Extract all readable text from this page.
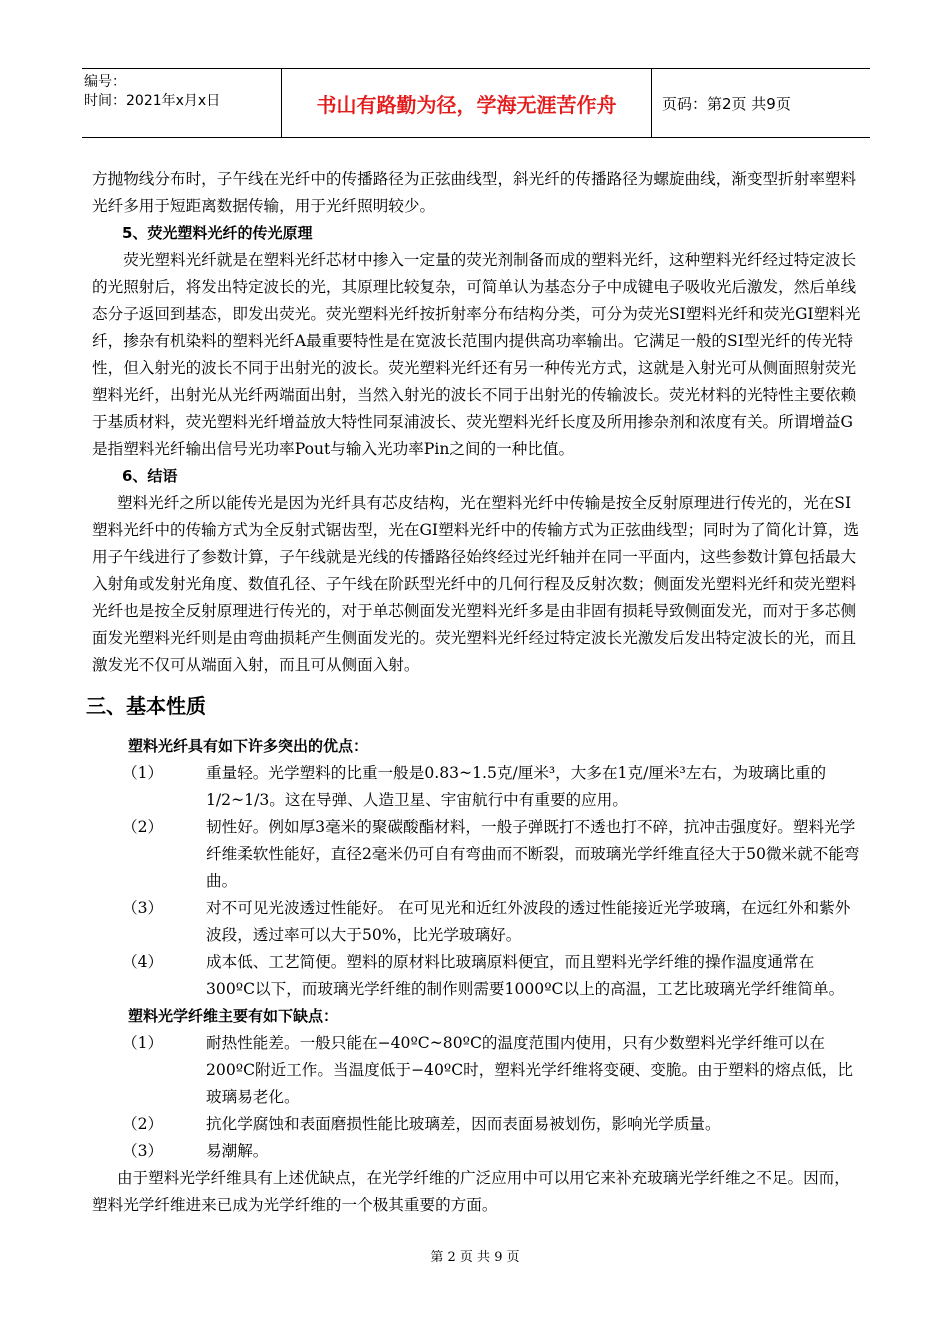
编号：
时间：2021年x月x日	书山有路勤为径，学海无涯苦作舟	页码：第2页 共9页

方抛物线分布时，子午线在光纤中的传播路径为正弦曲线型，斜光纤的传播路径为螺旋曲线，渐变型折射率塑料光纤多用于短距离数据传输，用于光纤照明较少。

5、荧光塑料光纤的传光原理

荧光塑料光纤就是在塑料光纤芯材中掺入一定量的荧光剂制备而成的塑料光纤，这种塑料光纤经过特定波长的光照射后，将发出特定波长的光，其原理比较复杂，可简单认为基态分子中成键电子吸收光后激发，然后单线态分子返回到基态，即发出荧光。荧光塑料光纤按折射率分布结构分类，可分为荧光SI塑料光纤和荧光GI塑料光纤，掺杂有机染料的塑料光纤A最重要特性是在宽波长范围内提供高功率输出。它满足一般的SI型光纤的传光特性，但入射光的波长不同于出射光的波长。荧光塑料光纤还有另一种传光方式，这就是入射光可从侧面照射荧光塑料光纤，出射光从光纤两端面出射，当然入射光的波长不同于出射光的传输波长。荧光材料的光特性主要依赖于基质材料，荧光塑料光纤增益放大特性同泵浦波长、荧光塑料光纤长度及所用掺杂剂和浓度有关。所谓增益G是指塑料光纤输出信号光功率Pout与输入光功率Pin之间的一种比值。

6、结语

塑料光纤之所以能传光是因为光纤具有芯皮结构，光在塑料光纤中传输是按全反射原理进行传光的，光在SI塑料光纤中的传输方式为全反射式锯齿型，光在GI塑料光纤中的传输方式为正弦曲线型；同时为了简化计算，选用子午线进行了参数计算，子午线就是光线的传播路径始终经过光纤轴并在同一平面内，这些参数计算包括最大入射角或发射光角度、数值孔径、子午线在阶跃型光纤中的几何行程及反射次数；侧面发光塑料光纤和荧光塑料光纤也是按全反射原理进行传光的，对于单芯侧面发光塑料光纤多是由非固有损耗导致侧面发光，而对于多芯侧面发光塑料光纤则是由弯曲损耗产生侧面发光的。荧光塑料光纤经过特定波长光激发后发出特定波长的光，而且激发光不仅可从端面入射，而且可从侧面入射。

三、基本性质

塑料光纤具有如下许多突出的优点：

（1）	重量轻。光学塑料的比重一般是0.83~1.5克/厘米³，大多在1克/厘米³左右，为玻璃比重的1/2~1/3。这在导弹、人造卫星、宇宙航行中有重要的应用。
（2）	韧性好。例如厚3毫米的聚碳酸酯材料，一般子弹既打不透也打不碎，抗冲击强度好。塑料光学纤维柔软性能好，直径2毫米仍可自有弯曲而不断裂，而玻璃光学纤维直径大于50微米就不能弯曲。
（3）	对不可见光波透过性能好。 在可见光和近红外波段的透过性能接近光学玻璃，在远红外和紫外波段，透过率可以大于50%，比光学玻璃好。
（4）	成本低、工艺简便。塑料的原材料比玻璃原料便宜，而且塑料光学纤维的操作温度通常在300ºC以下，而玻璃光学纤维的制作则需要1000ºC以上的高温，工艺比玻璃光学纤维简单。

塑料光学纤维主要有如下缺点：

（1）	耐热性能差。一般只能在−40ºC~80ºC的温度范围内使用，只有少数塑料光学纤维可以在200ºC附近工作。当温度低于−40ºC时，塑料光学纤维将变硬、变脆。由于塑料的熔点低，比玻璃易老化。
（2）	抗化学腐蚀和表面磨损性能比玻璃差，因而表面易被划伤，影响光学质量。
（3）	易潮解。

由于塑料光学纤维具有上述优缺点，在光学纤维的广泛应用中可以用它来补充玻璃光学纤维之不足。因而，塑料光学纤维进来已成为光学纤维的一个极其重要的方面。

第 2 页 共 9 页
